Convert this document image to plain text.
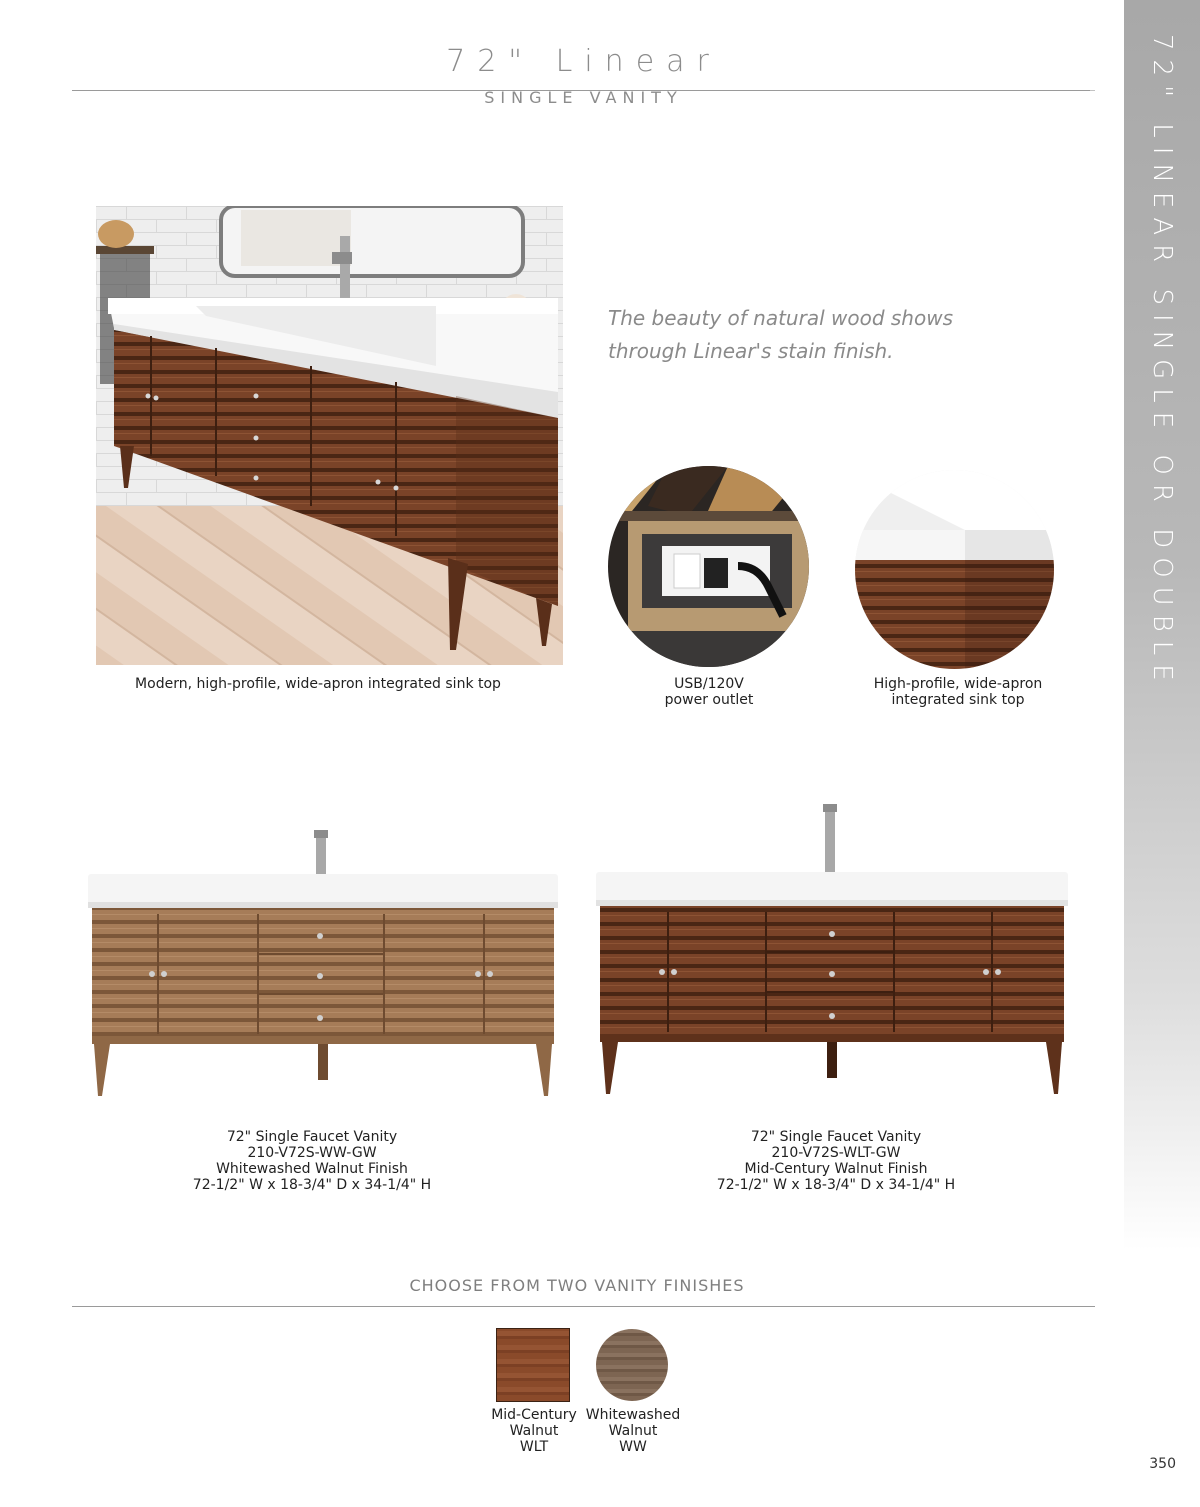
72" Linear
SINGLE VANITY	72" LINEAR SINGLE OR DOUBLE VANITY
Modern, high-profile, wide-apron integrated sink top
The beauty of natural wood shows
through Linear's stain finish.
USB/120V
power outlet
High-profile, wide-apron
integrated sink top
72" Single Faucet Vanity
210-V72S-WW-GW
Whitewashed Walnut Finish
72-1/2" W x 18-3/4" D x 34-1/4" H
72" Single Faucet Vanity
210-V72S-WLT-GW
Mid-Century Walnut Finish
72-1/2" W x 18-3/4" D x 34-1/4" H
CHOOSE FROM TWO VANITY FINISHES
Mid-Century
Walnut
WLT
Whitewashed
Walnut
WW
350
